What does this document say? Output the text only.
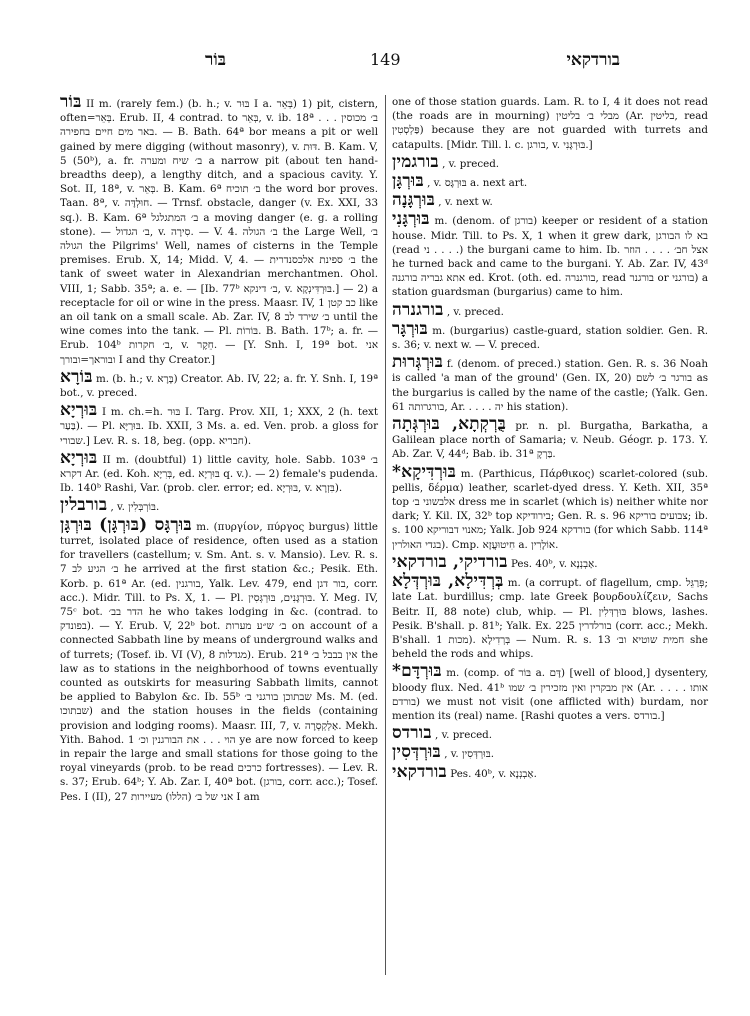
בּוֹר	149	בורדקאי

בּוֹר II m. (rarely fem.) (b. h.; v. בּוּר I a. בְּאֵר) 1) pit, cistern, often=בְּאֵר. Erub. II, 4 contrad. to בְּאֵר, v. ib. 18ª ב׳ מכוסין . . . באר מים חיים בחפירה. — B. Bath. 64ª bor means a pit or well gained by mere digging (without masonry), v. דּוּת. B. Kam. V, 5 (50ᵇ), a. fr. ב׳ שיח ומערה a narrow pit (about ten hand-breadths deep), a lengthy ditch, and a spacious cavity. Y. Sot. II, 18ª, v. בְּאֵר. B. Kam. 6ª ב׳ תוכיח the word bor proves. Taan. 8ª, v. חוּלְדָּה. — Trnsf. obstacle, danger (v. Ex. XXI, 33 sq.). B. Kam. 6ª ב׳ המתגלגל a moving danger (e. g. a rolling stone). — ב׳ הגדול, v. סִירָה. — V. 4. ב׳ הגולה the Large Well, ב׳ הגולה the Pilgrims' Well, names of cisterns in the Temple premises. Erub. X, 14; Midd. V, 4. — ב׳ ספינת אלכסנדרית the tank of sweet water in Alexandrian merchantmen. Ohol. VIII, 1; Sabb. 35ª; a. e. — [Ib. 77ᵇ ב׳ דינקא, v. בּוּרְדִּינְקָא.] — 2) a receptacle for oil or wine in the press. Maasr. IV, 1 כב קטן like an oil tank on a small scale. Ab. Zar. IV, 8 ב׳ שירד לב until the wine comes into the tank. — Pl. בּוֹרוֹת. B. Bath. 17ᵇ; a. fr. — Erub. 104ᵇ ב׳ חקרות, v. חֵקֶר. — [Y. Snh. I, 19ª bot. אני ובוראך=ובורך I and thy Creator.]

בּוֹרָא m. (b. h.; v. בָּרָא) Creator. Ab. IV, 22; a. fr. Y. Snh. I, 19ª bot., v. preced.

בּוּרְיָא I m. ch.=h. בּוּר I. Targ. Prov. XII, 1; XXX, 2 (h. text בַּעַר). — Pl. בּוּרַיָּא. Ib. XXII, 3 Ms. a. ed. Ven. prob. a gloss for שבורי.] Lev. R. s. 18, beg. (opp. חבריא).

בּוּרְיָא II m. (doubtful) 1) little cavity, hole. Sabb. 103ª ב׳ דקרא Ar. (ed. Koh. בְּרִיָא, ed. בּוּרְיָא q. v.). — 2) female's pudenda. Ib. 140ᵇ Rashi, Var. (prob. cler. error; ed. בּוּרְיָא, v. בִּזְרָא).

בורבלין , v. בּוֹרְבְּלִין.

בּוּרְגָּס (בּוּרְגָּן) בּוּרְגָּן m. (πυργίον, πύργος burgus) little turret, isolated place of residence, often used as a station for travellers (castellum; v. Sm. Ant. s. v. Mansio). Lev. R. s. 7 ב׳ הגיע לב he arrived at the first station &c.; Pesik. Eth. Korb. p. 61ª Ar. (ed. בורגנין, Yalk. Lev. 479, end בור דגן, corr. acc.). Midr. Till. to Ps. X, 1. — Pl. בּוּרְגָּנִים, בּוּרְגְּסִין. Y. Meg. IV, 75ᶜ bot. הדר בב׳ he who takes lodging in &c. (contrad. to בפונדק). — Y. Erub. V, 22ᵇ bot. ב׳ ש״ע מערות on account of a connected Sabbath line by means of underground walks and of turrets; (Tosef. ib. VI (V), 8 מגדלות). Erub. 21ª אין בבבל ב׳ the law as to stations in the neighborhood of towns eventually counted as outskirts for measuring Sabbath limits, cannot be applied to Babylon &c. Ib. 55ᵇ שבתוכן בורגני ב׳ Ms. M. (ed. שבתוכו) and the station houses in the fields (containing provision and lodging rooms). Maasr. III, 7, v. אַלְקְסְרָה. Mekh. Yith. Bahod. 1 הוי . . . את הבורגנין וכ׳ ye are now forced to keep in repair the large and small stations for those going to the royal vineyards (prob. to be read כרכים fortresses). — Lev. R. s. 37; Erub. 64ᵇ; Y. Ab. Zar. I, 40ª bot. (בורגן, corr. acc.); Tosef. Pes. I (II), 27 אני של ב׳ (הללו) מעיירות I am

one of those station guards. Lam. R. to I, 4 it does not read (the roads are in mourning) מבלי ב׳ בליטין (Ar. בליטין, read פַּלְסְטִין) because they are not guarded with turrets and catapults. [Midr. Till. l. c. בורגן, v. בּוּרְגָּנִי.]

בורגמין , v. preced.

בּוּרְגָּן , v. בּוּרְגָּס a. next art.

בּוּרְגָּנָה , v. next w.

בּוּרְגָּנִי m. (denom. of בורגן) keeper or resident of a station house. Midr. Till. to Ps. X, 1 when it grew dark, בא לו הבורגן (read ני . . . .) the burgani came to him. Ib. אצל חב׳ . . . . הוזר he turned back and came to the burgani. Y. Ab. Zar. IV, 43ᵈ אתא גבריה בורגנה ed. Krot. (oth. ed. בורגנרה, read בורגנר or בורגני) a station guardsman (burgarius) came to him.

בורגנרה , v. preced.

בּוּרְגָּר m. (burgarius) castle-guard, station soldier. Gen. R. s. 36; v. next w. — V. preced.

בּוּרְגְּרוּת f. (denom. of preced.) station. Gen. R. s. 36 Noah is called 'a man of the ground' (Gen. IX, 20) בורגר ב׳ לשם as the burgarius is called by the name of the castle; (Yalk. Gen. 61 בורגרותה, Ar. . . . . יה his station).

בֻּרְקְתָא, בּוּרְגְּתָה pr. n. pl. Burgatha, Barkatha, a Galilean place north of Samaria; v. Neub. Géogr. p. 173. Y. Ab. Zar. V, 44ᵈ; Bab. ib. 31ª בַּרְקָ.

*בּוּרְדִּיקָא m. (Parthicus, Πάρθικος) scarlet-colored (sub. pellis, δέρμα) leather, scarlet-dyed dress. Y. Keth. XII, 35ª top אלבשוני ב׳ dress me in scarlet (which is) neither white nor dark; Y. Kil. IX, 32ᵇ top בירודיקא; Gen. R. s. 96 צבועים בוריקא; ib. s. 100 מאנוי דבוריקא; Yalk. Job 924 בורדקא (for which Sabb. 114ª בגדי האולרין). Cmp. חִיטוּעֲזָא a. אוֹלָרִין.

בורדיקי, בורדקאי Pes. 40ᵇ, v. אַבְנְנָא.

בְּרְדִּילָא, בּוּרְדְּלָא m. (a corrupt. of flagellum, cmp. פְּרַגֵּל; late Lat. burdillus; cmp. late Greek βουρδουλίζειν, Sachs Beitr. II, 88 note) club, whip. — Pl. בּוּרְדְּלִין blows, lashes. Pesik. B'shall. p. 81ᵇ; Yalk. Ex. 225 בורלדרין (corr. acc.; Mekh. B'shall. 1 מכות). בְּרְדִילָא — Num. R. s. 13 חמית שוטיא וב׳ she beheld the rods and whips.

*בּוּרְדָּם m. (comp. of בּוֹר a. דָּם) [well of blood,] dysentery, bloody flux. Ned. 41ᵇ אין מבקרין ואין מזכירין ב׳ שמו (Ar. אותו . . . . בורדם) we must not visit (one afflicted with) burdam, nor mention its (real) name. [Rashi quotes a vers. בורדס.]

בורדס , v. preced.

בּוּרְדְּסִין , v. בּוּרְדְּסִין.

בורדקאי Pes. 40ᵇ, v. אַבְנְנָא.
